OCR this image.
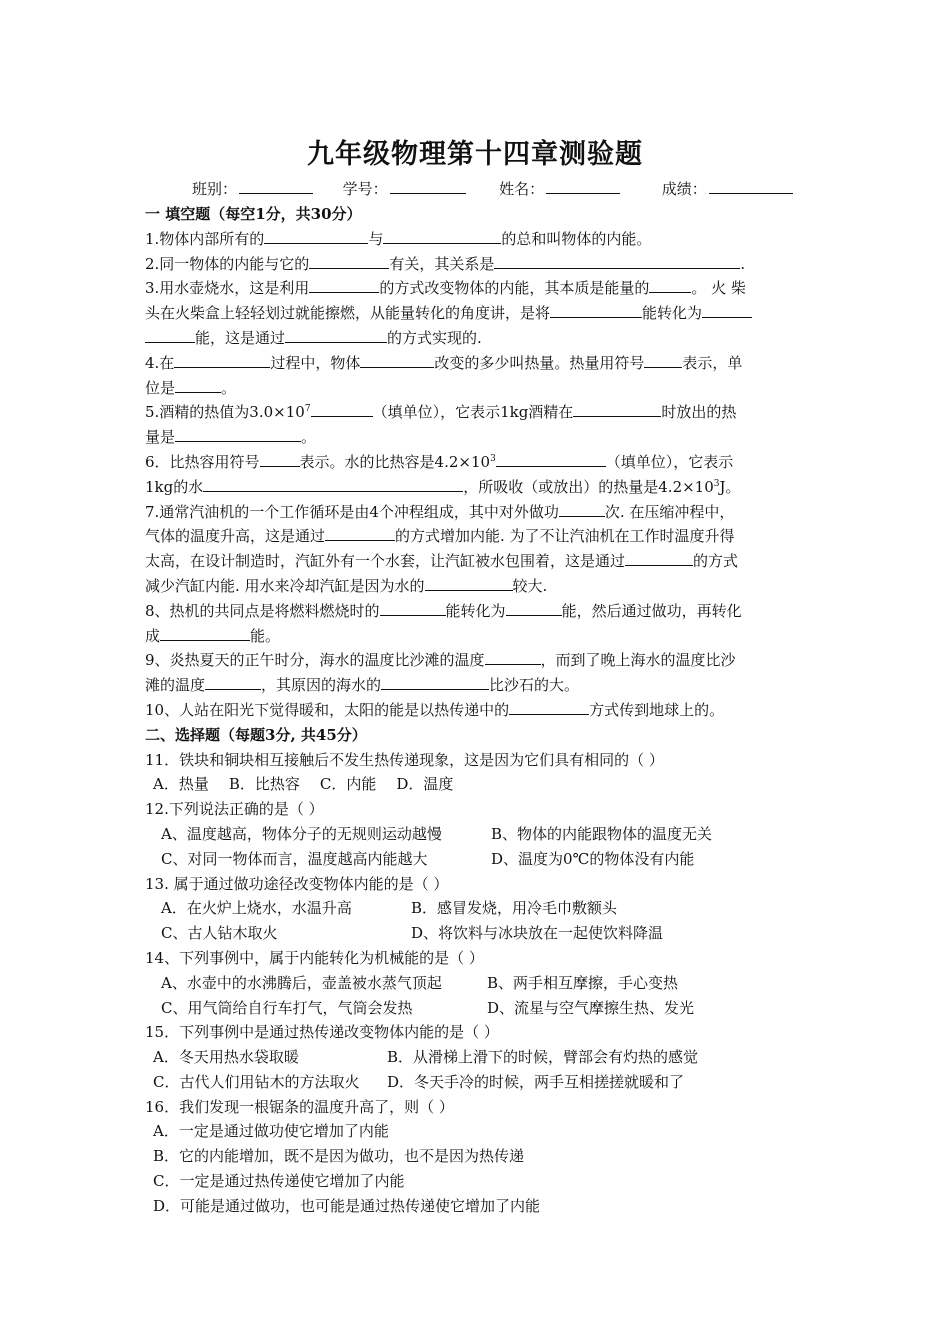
九年级物理第十四章测验题
班别：	学号：	姓名：	成绩：
一 填空题（每空1分，共30分）
1.物体内部所有的	与	的总和叫物体的内能。
2.同一物体的内能与它的	有关，其关系是	.
3.用水壶烧水，这是利用	的方式改变物体的内能，其本质是能量的	。 火 柴
头在火柴盒上轻轻划过就能擦燃，从能量转化的角度讲，是将	能转化为
能，这是通过	的方式实现的.
4.在	过程中，物体	改变的多少叫热量。热量用符号	表示，单
位是	。
5.酒精的热值为$3.0\times 10^7$	（填单位），它表示1kg酒精在	时放出的热
量是	。
6．比热容用符号	表示。水的比热容是$4.2\times 10^3$	（填单位），它表示
1kg的水	，所吸收（或放出）的热量是$4.2\times 10^3J$。
7.通常汽油机的一个工作循环是由4个冲程组成，其中对外做功	次. 在压缩冲程中，
气体的温度升高，这是通过	的方式增加内能. 为了不让汽油机在工作时温度升得
太高，在设计制造时，汽缸外有一个水套，让汽缸被水包围着，这是通过	的方式
减少汽缸内能. 用水来冷却汽缸是因为水的	较大.
8、热机的共同点是将燃料燃烧时的	能转化为	能，然后通过做功，再转化
成	能。
9、炎热夏天的正午时分，海水的温度比沙滩的温度	，而到了晚上海水的温度比沙
滩的温度	，其原因的海水的	比沙石的大。
10、人站在阳光下觉得暖和，太阳的能是以热传递中的	方式传到地球上的。
二、选择题（每题3分, 共45分）
11．铁块和铜块相互接触后不发生热传递现象，这是因为它们具有相同的（ ）
A．热量 B．比热容 C．内能 D．温度
12.下列说法正确的是（ ）
A、温度越高，物体分子的无规则运动越慢	B、物体的内能跟物体的温度无关
C、对同一物体而言，温度越高内能越大	D、温度为0℃的物体没有内能
13. 属于通过做功途径改变物体内能的是（ ）
A．在火炉上烧水，水温升高	B．感冒发烧，用冷毛巾敷额头
C、古人钻木取火	D、将饮料与冰块放在一起使饮料降温
14、下列事例中，属于内能转化为机械能的是（ ）
A、水壶中的水沸腾后，壶盖被水蒸气顶起	B、两手相互摩擦，手心变热
C、用气筒给自行车打气，气筒会发热	D、流星与空气摩擦生热、发光
15．下列事例中是通过热传递改变物体内能的是（ ）
A．冬天用热水袋取暖	B．从滑梯上滑下的时候，臂部会有灼热的感觉
C．古代人们用钻木的方法取火 D．冬天手冷的时候，两手互相搓搓就暖和了
16．我们发现一根锯条的温度升高了，则（ ）
A．一定是通过做功使它增加了内能
B．它的内能增加，既不是因为做功，也不是因为热传递
C．一定是通过热传递使它增加了内能
D．可能是通过做功，也可能是通过热传递使它增加了内能
